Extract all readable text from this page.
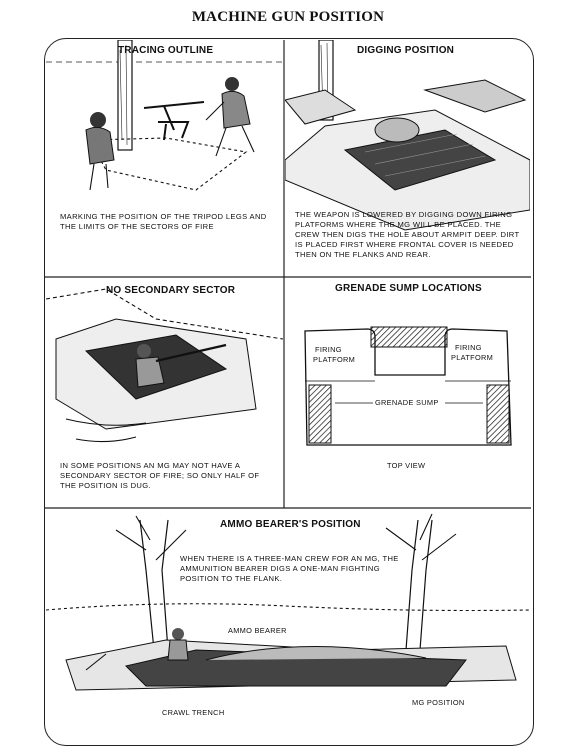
MACHINE GUN POSITION
TRACING OUTLINE
MARKING THE POSITION OF THE TRIPOD LEGS AND THE LIMITS OF THE SECTORS OF FIRE
DIGGING POSITION
THE WEAPON IS LOWERED BY DIGGING DOWN FIRING PLATFORMS WHERE THE MG WILL BE PLACED. THE CREW THEN DIGS THE HOLE ABOUT ARMPIT DEEP. DIRT IS PLACED FIRST WHERE FRONTAL COVER IS NEEDED THEN ON THE FLANKS AND REAR.
NO SECONDARY SECTOR
IN SOME POSITIONS AN MG MAY NOT HAVE A SECONDARY SECTOR OF FIRE; SO ONLY HALF OF THE POSITION IS DUG.
GRENADE SUMP LOCATIONS
FIRING
PLATFORM
FIRING
PLATFORM
GRENADE SUMP
TOP VIEW
AMMO BEARER'S POSITION
WHEN THERE IS A THREE-MAN CREW FOR AN MG, THE AMMUNITION BEARER DIGS A ONE-MAN FIGHTING POSITION TO THE FLANK.
AMMO BEARER
CRAWL TRENCH
MG POSITION
